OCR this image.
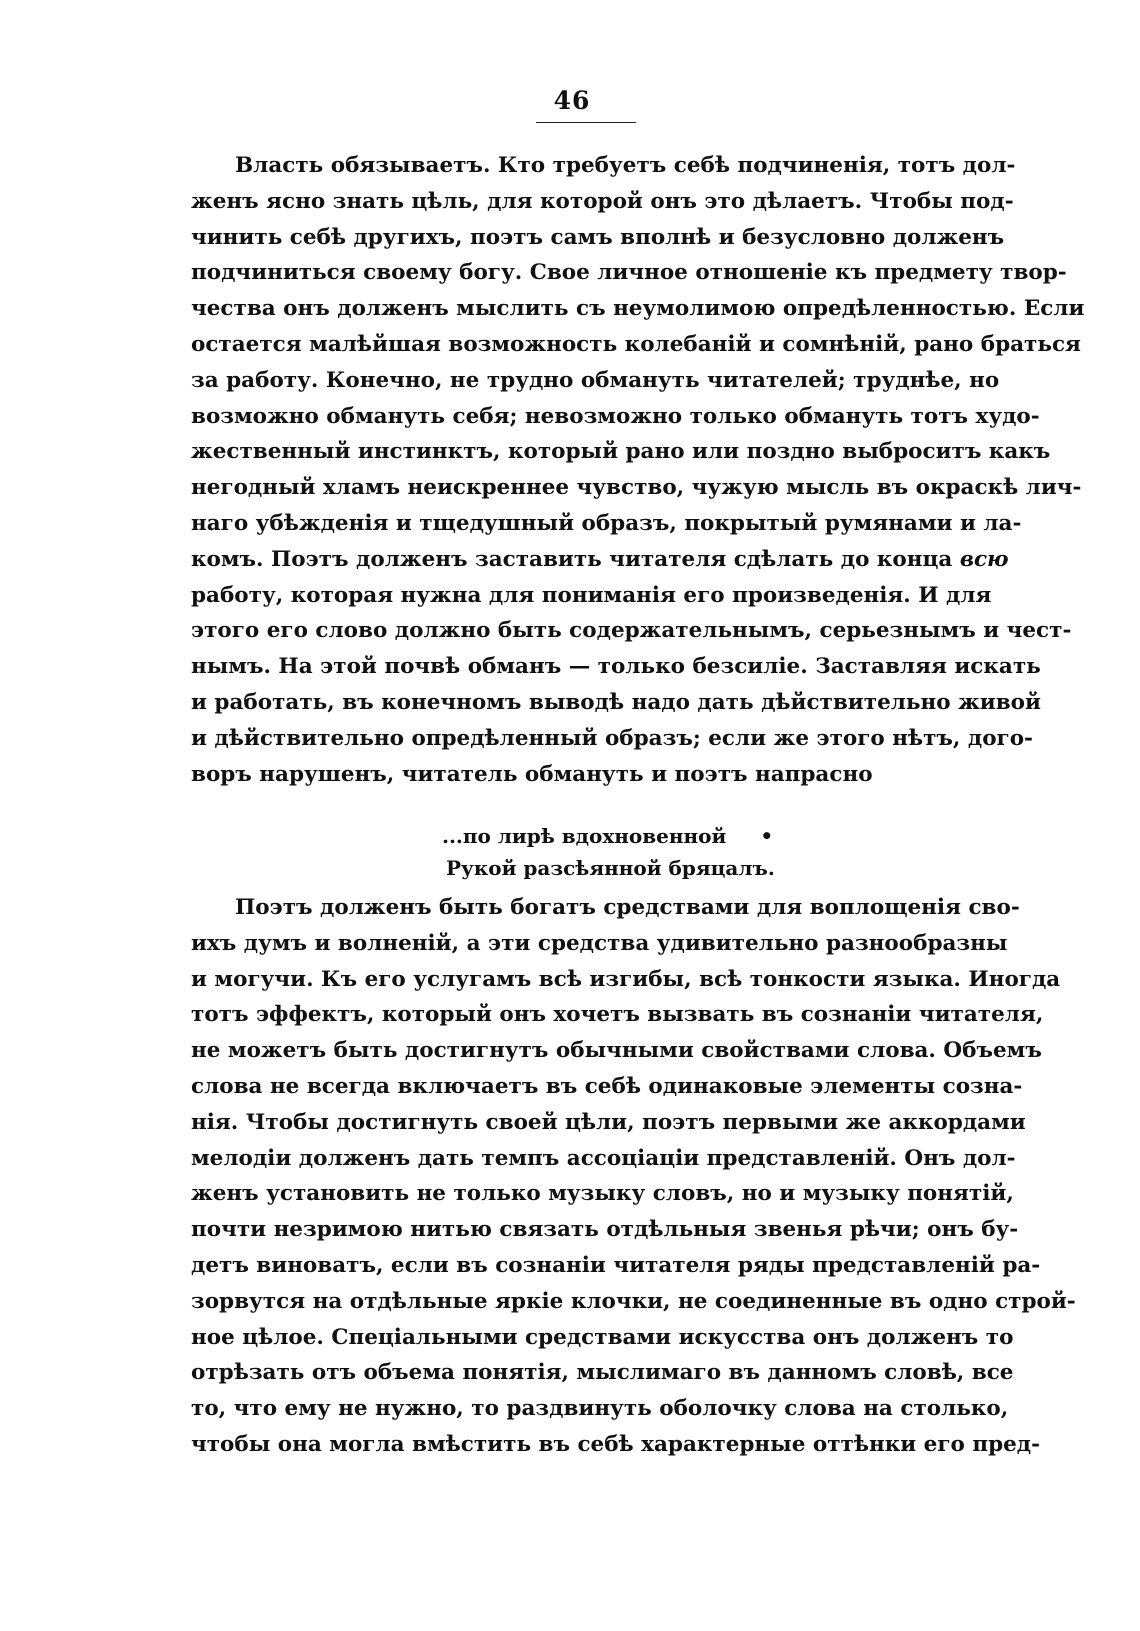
46
Власть обязываетъ. Кто требуетъ себѣ подчиненія, тотъ дол-
женъ ясно знать цѣль, для которой онъ это дѣлаетъ. Чтобы под-
чинить себѣ другихъ, поэтъ самъ вполнѣ и безусловно долженъ
подчиниться своему богу. Свое личное отношеніе къ предмету твор-
чества онъ долженъ мыслить съ неумолимою опредѣленностью. Если
остается малѣйшая возможность колебаній и сомнѣній, рано браться
за работу. Конечно, не трудно обмануть читателей; труднѣе, но
возможно обмануть себя; невозможно только обмануть тотъ худо-
жественный инстинктъ, который рано или поздно выброситъ какъ
негодный хламъ неискреннее чувство, чужую мысль въ окраскѣ лич-
наго убѣжденія и тщедушный образъ, покрытый румянами и ла-
комъ. Поэтъ долженъ заставить читателя сдѣлать до конца всю
работу, которая нужна для пониманія его произведенія. И для
этого его слово должно быть содержательнымъ, серьезнымъ и чест-
нымъ. На этой почвѣ обманъ — только безсиліе. Заставляя искать
и работать, въ конечномъ выводѣ надо дать дѣйствительно живой
и дѣйствительно опредѣленный образъ; если же этого нѣтъ, дого-
воръ нарушенъ, читатель обмануть и поэтъ напрасно
...по лирѣ вдохновенной •
Рукой разсѣянной бряцалъ.
Поэтъ долженъ быть богатъ средствами для воплощенія сво-
ихъ думъ и волненій, а эти средства удивительно разнообразны
и могучи. Къ его услугамъ всѣ изгибы, всѣ тонкости языка. Иногда
тотъ эффектъ, который онъ хочетъ вызвать въ сознаніи читателя,
не можетъ быть достигнутъ обычными свойствами слова. Объемъ
слова не всегда включаетъ въ себѣ одинаковые элементы созна-
нія. Чтобы достигнуть своей цѣли, поэтъ первыми же аккордами
мелодіи долженъ дать темпъ ассоціаціи представленій. Онъ дол-
женъ установить не только музыку словъ, но и музыку понятій,
почти незримою нитью связать отдѣльныя звенья рѣчи; онъ бу-
детъ виноватъ, если въ сознаніи читателя ряды представленій ра-
зорвутся на отдѣльные яркіе клочки, не соединенные въ одно строй-
ное цѣлое. Спеціальными средствами искусства онъ долженъ то
отрѣзать отъ объема понятія, мыслимаго въ данномъ словѣ, все
то, что ему не нужно, то раздвинуть оболочку слова на столько,
чтобы она могла вмѣстить въ себѣ характерные оттѣнки его пред-
